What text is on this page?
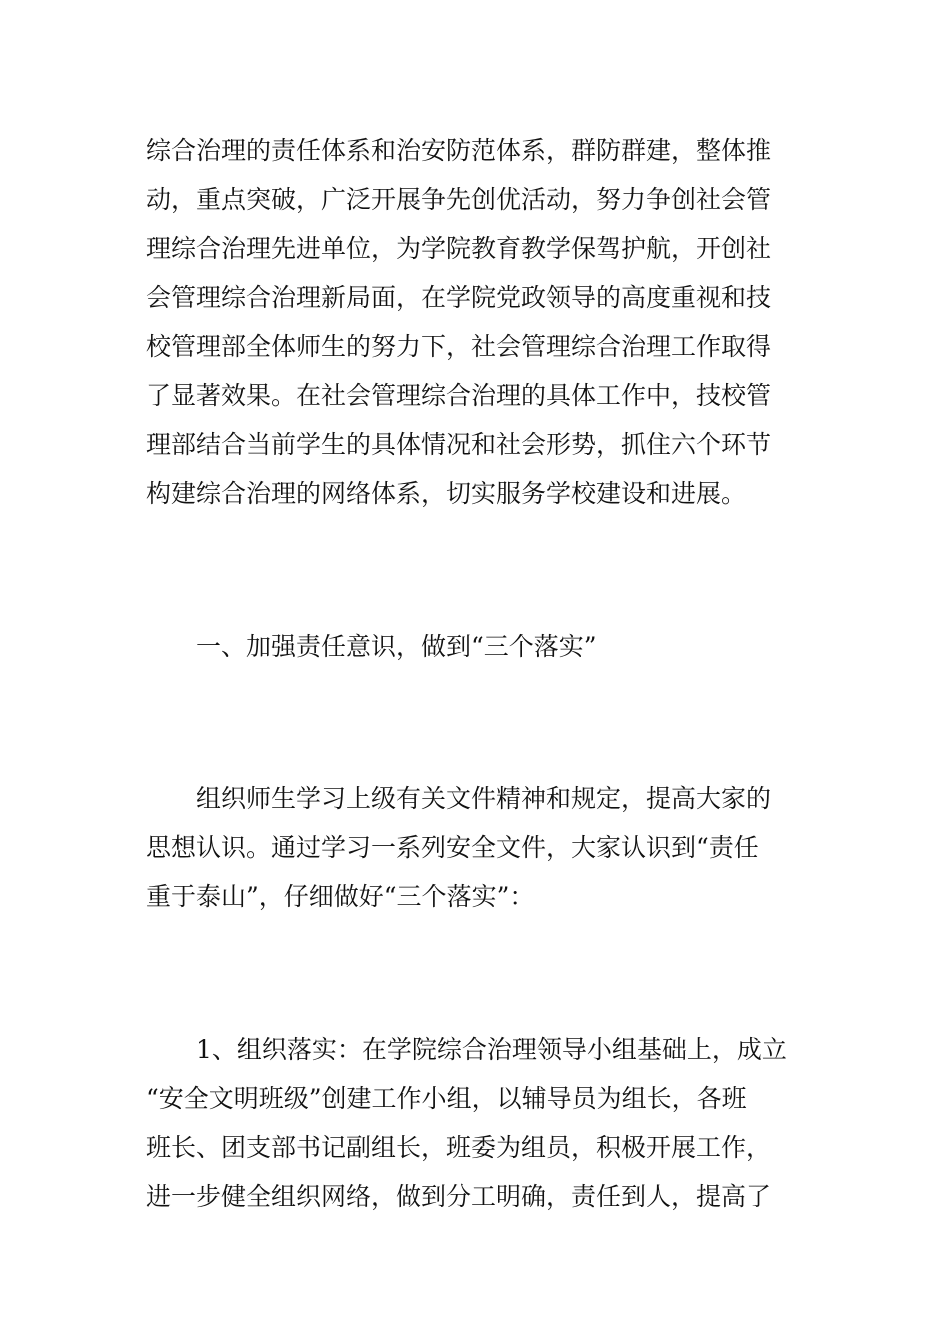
综合治理的责任体系和治安防范体系，群防群建，整体推
动，重点突破，广泛开展争先创优活动，努力争创社会管
理综合治理先进单位，为学院教育教学保驾护航，开创社
会管理综合治理新局面，在学院党政领导的高度重视和技
校管理部全体师生的努力下，社会管理综合治理工作取得
了显著效果。在社会管理综合治理的具体工作中，技校管
理部结合当前学生的具体情况和社会形势，抓住六个环节
构建综合治理的网络体系，切实服务学校建设和进展。
一、加强责任意识，做到“三个落实”
组织师生学习上级有关文件精神和规定，提高大家的
思想认识。通过学习一系列安全文件，大家认识到“责任
重于泰山”，仔细做好“三个落实”：
1、组织落实：在学院综合治理领导小组基础上，成立
“安全文明班级”创建工作小组，以辅导员为组长，各班
班长、团支部书记副组长，班委为组员，积极开展工作，
进一步健全组织网络，做到分工明确，责任到人，提高了
